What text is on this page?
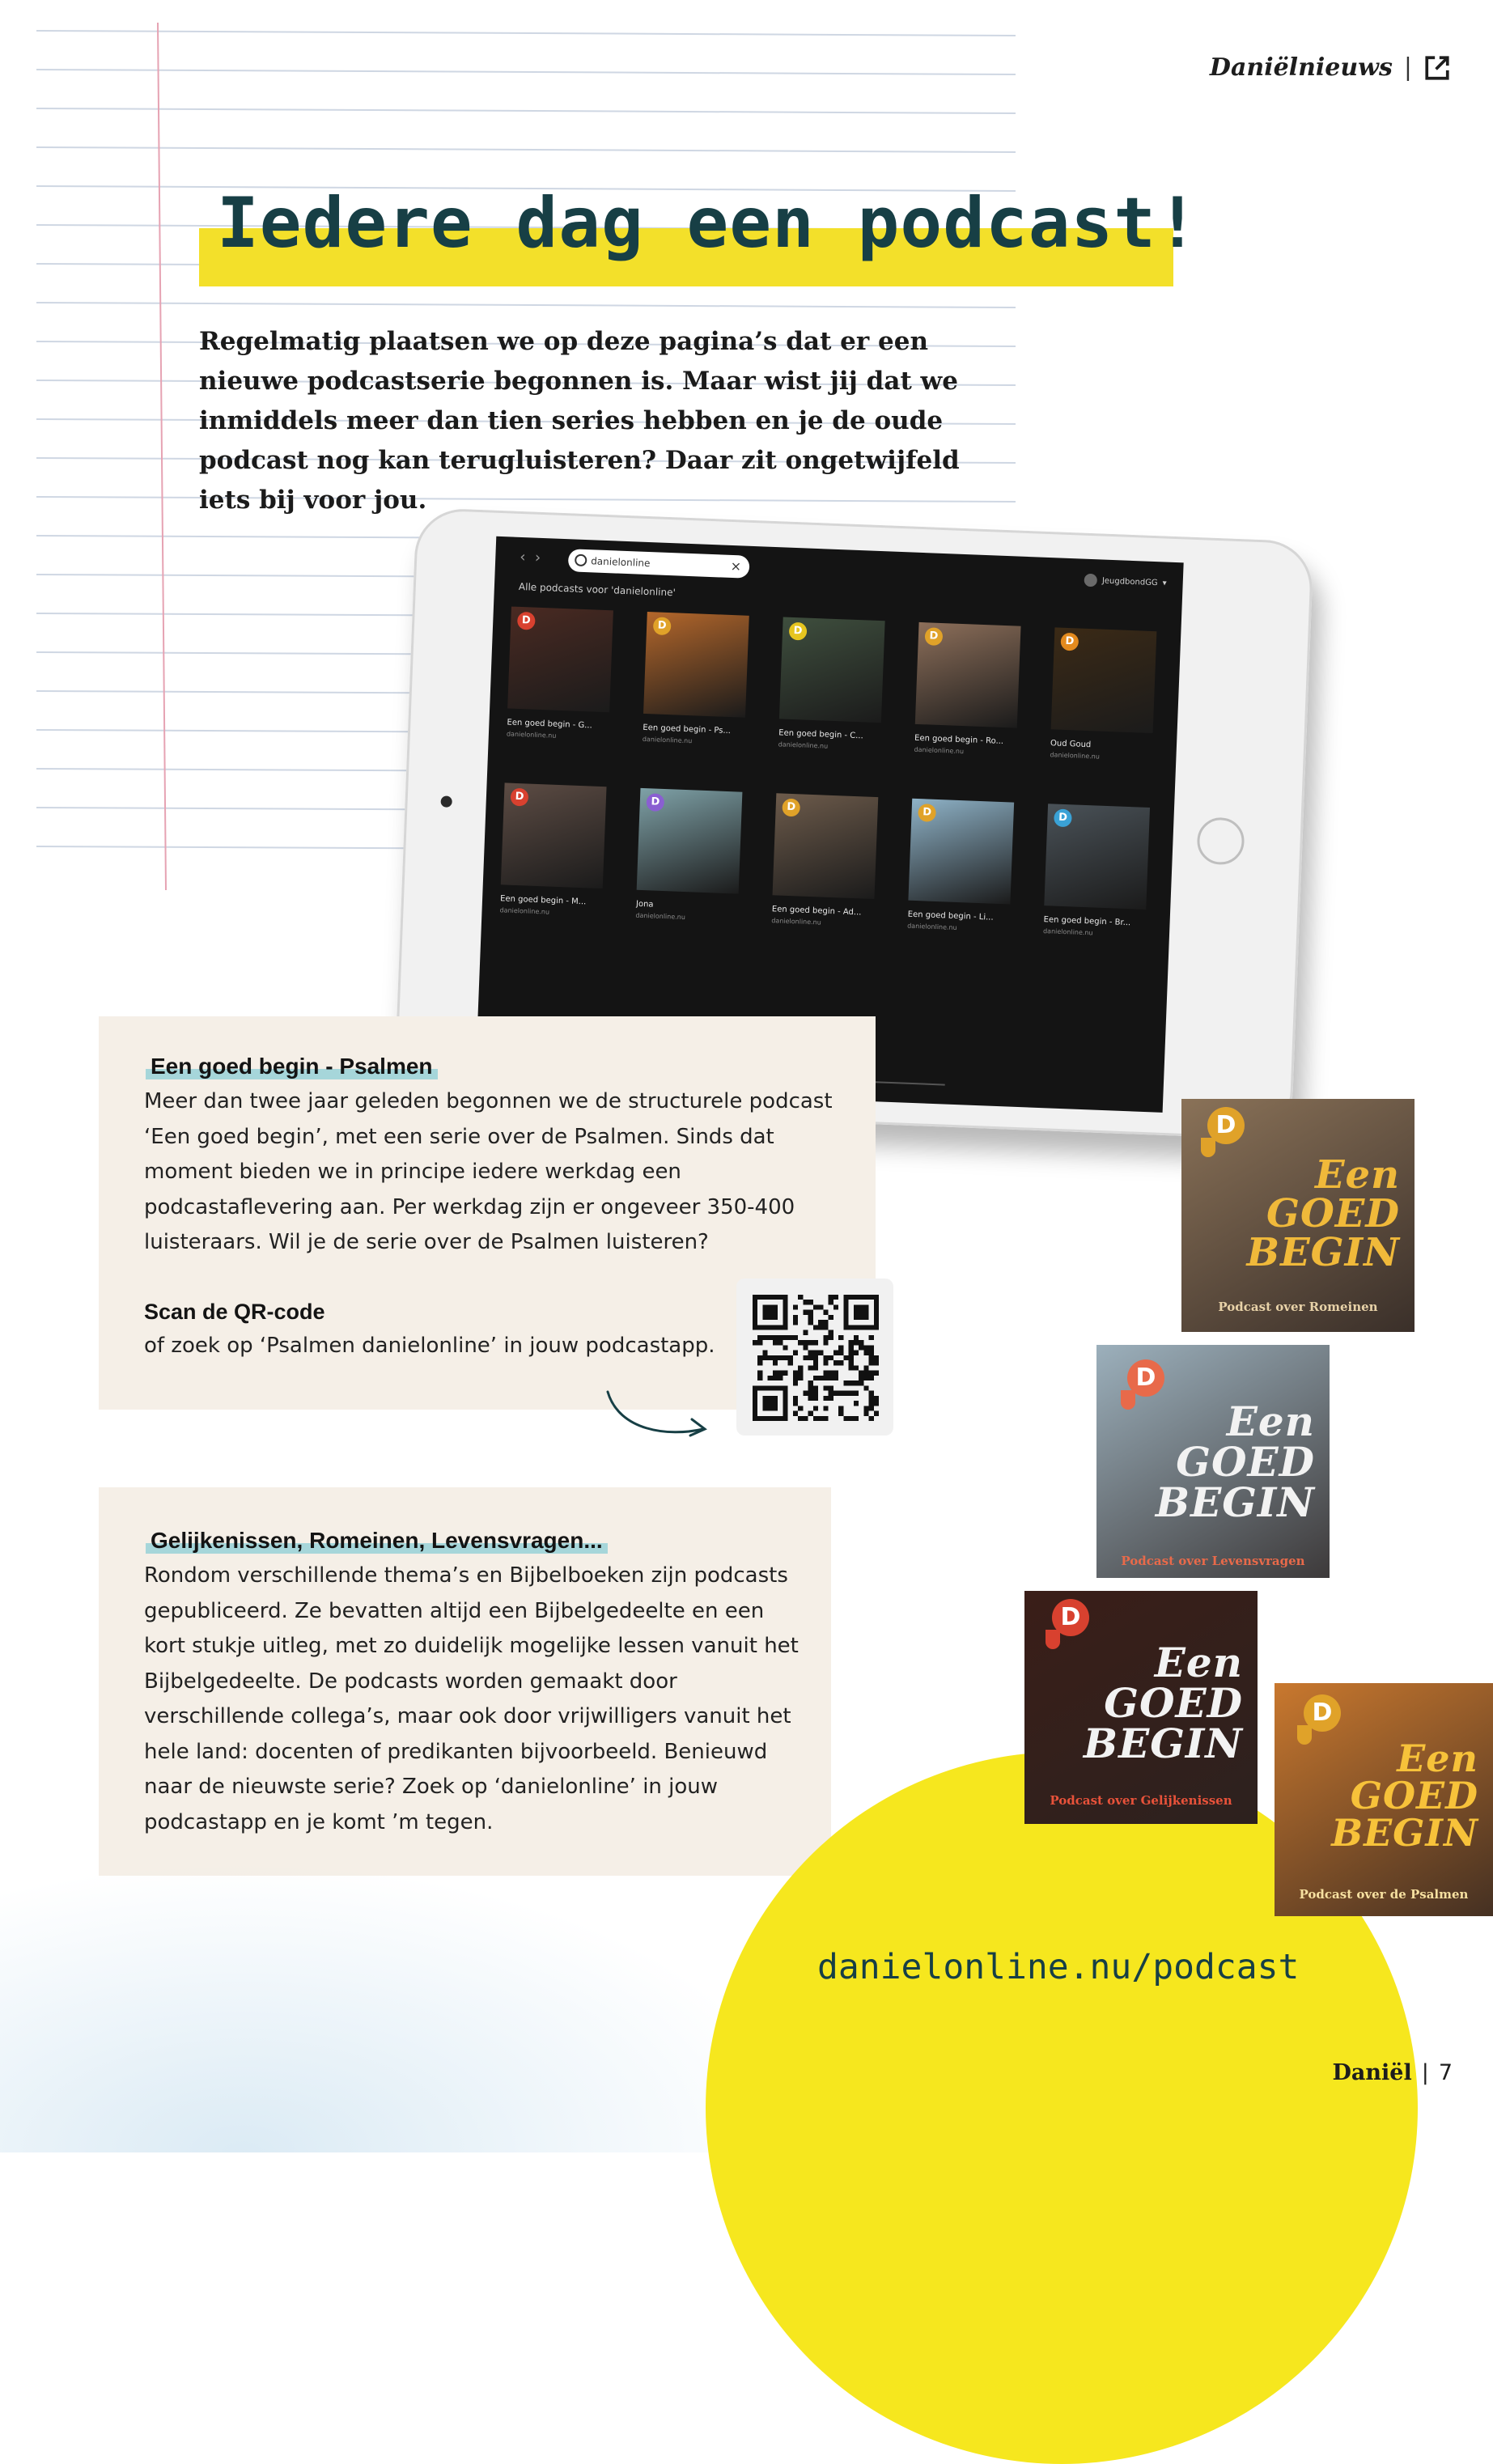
Daniëlnieuws |
Iedere dag een podcast!
Regelmatig plaatsen we op deze pagina’s dat er een nieuwe podcastserie begonnen is. Maar wist jij dat we inmiddels meer dan tien series hebben en je de oude podcast nog kan terugluisteren? Daar zit ongetwijfeld iets bij voor jou.
‹  ›	danielonline	×
JeugdbondGG ▾
Alle podcasts voor 'danielonline'
D
Een goed begin - G...
danielonline.nu
D
Een goed begin - Ps...
danielonline.nu
D
Een goed begin - C...
danielonline.nu
D
Een goed begin - Ro...
danielonline.nu
D
Oud Goud
danielonline.nu
D
Een goed begin - M...
danielonline.nu
D
Jona
danielonline.nu
D
Een goed begin - Ad...
danielonline.nu
D
Een goed begin - Li...
danielonline.nu
D
Een goed begin - Br...
danielonline.nu
Een goed begin - Psalmen
Meer dan twee jaar geleden begonnen we de structurele podcast ‘Een goed begin’, met een serie over de Psalmen. Sinds dat moment bieden we in principe iedere werkdag een podcastaflevering aan. Per werkdag zijn er ongeveer 350-400 luisteraars. Wil je de serie over de Psalmen luisteren?
Scan de QR-code
of zoek op ‘Psalmen danielonline’ in jouw podcastapp.
Gelijkenissen, Romeinen, Levensvragen...
Rondom verschillende thema’s en Bijbelboeken zijn podcasts gepubliceerd. Ze bevatten altijd een Bijbelgedeelte en een kort stukje uitleg, met zo duidelijk mogelijke lessen vanuit het Bijbelgedeelte. De podcasts worden gemaakt door verschillende collega’s, maar ook door vrijwilligers vanuit het hele land: docenten of predikanten bijvoorbeeld. Benieuwd naar de nieuwste serie? Zoek op ‘danielonline’ in jouw podcastapp en je komt ’m tegen.
danielonline.nu/podcast
D
Een
GOED
BEGIN
Podcast over Romeinen
D
Een
GOED
BEGIN
Podcast over Levensvragen
D
Een
GOED
BEGIN
Podcast over Gelijkenissen
D
Een
GOED
BEGIN
Podcast over de Psalmen
Daniël | 7
